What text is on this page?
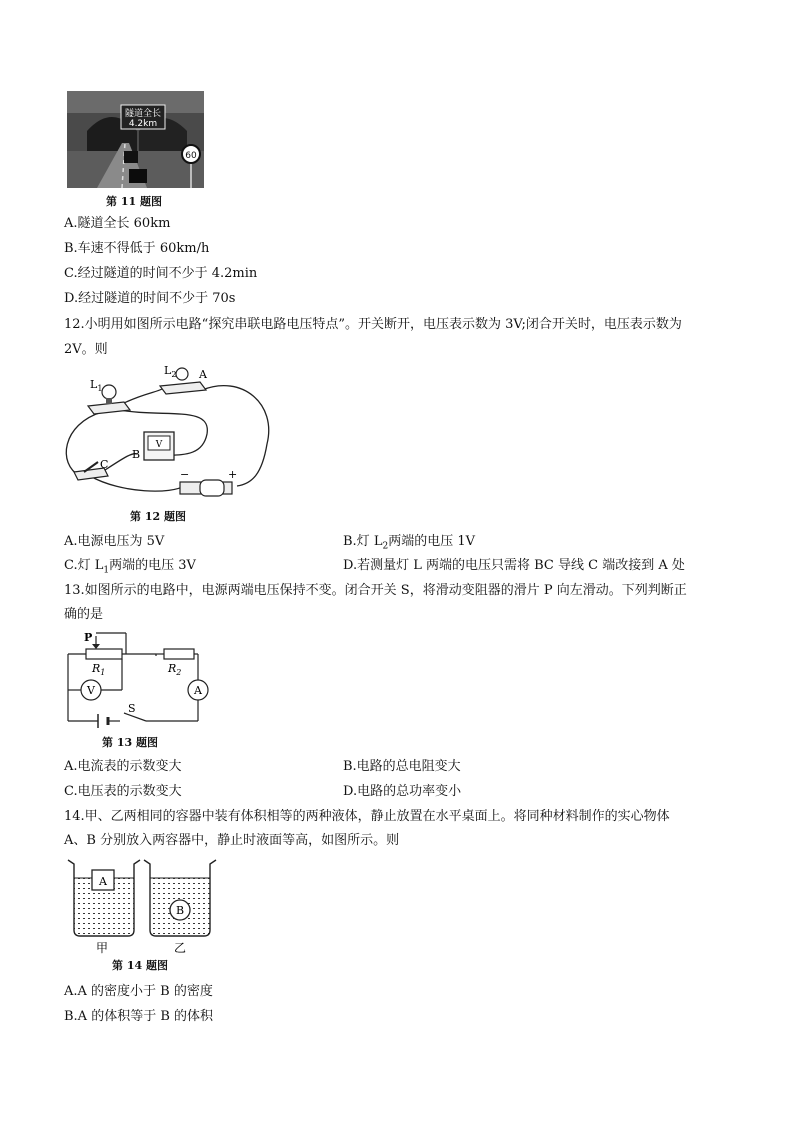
隧道全长
4.2km
60
第 11 题图
A.隧道全长 60km
B.车速不得低于 60km/h
C.经过隧道的时间不少于 4.2min
D.经过隧道的时间不少于 70s
12.小明用如图所示电路“探究串联电路电压特点”。开关断开，电压表示数为 3V;闭合开关时，电压表示数为
2V。则
$L_1$
$L_2$ A
V
B
C
−	+
第 12 题图
A.电源电压为 5V	B.灯 $L_2$两端的电压 1V
C.灯 $L_1$两端的电压 3V	D.若测量灯 L 两端的电压只需将 BC 导线 C 端改接到 A 处
13.如图所示的电路中，电源两端电压保持不变。闭合开关 S，将滑动变阻器的滑片 P 向左滑动。下列判断正
确的是
P
$R_1$	$R_2$
V	A
S
第 13 题图
A.电流表的示数变大	B.电路的总电阻变大
C.电压表的示数变大	D.电路的总功率变小
14.甲、乙两相同的容器中装有体积相等的两种液体，静止放置在水平桌面上。将同种材料制作的实心物体
A、B 分别放入两容器中，静止时液面等高，如图所示。则
A
B
甲	乙
第 14 题图
A.A 的密度小于 B 的密度
B.A 的体积等于 B 的体积
